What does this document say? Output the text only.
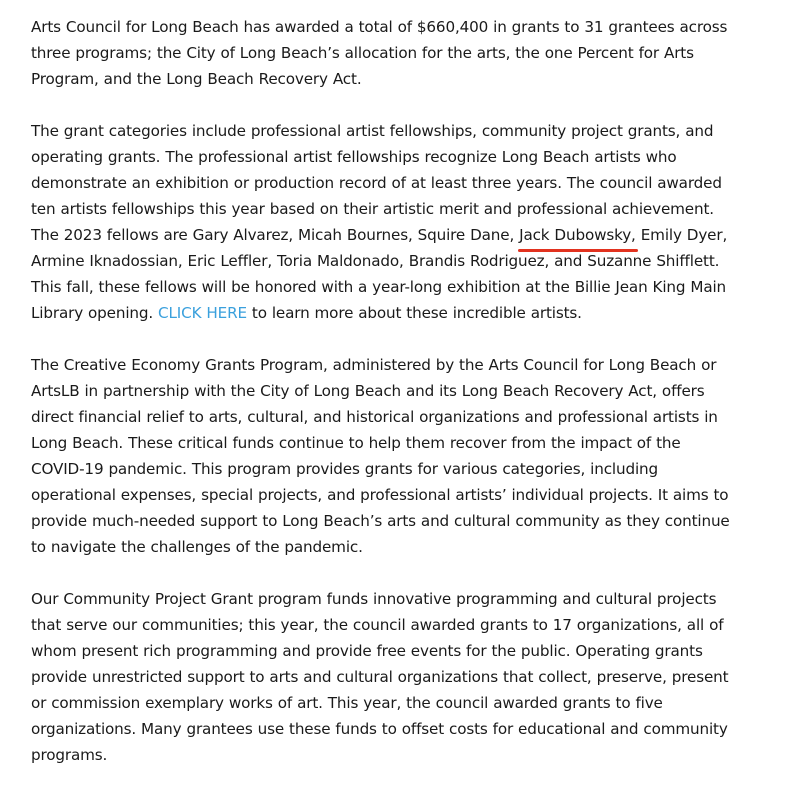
Arts Council for Long Beach has awarded a total of $660,400 in grants to 31 grantees across three programs; the City of Long Beach’s allocation for the arts, the one Percent for Arts Program, and the Long Beach Recovery Act.

The grant categories include professional artist fellowships, community project grants, and operating grants. The professional artist fellowships recognize Long Beach artists who demonstrate an exhibition or production record of at least three years. The council awarded ten artists fellowships this year based on their artistic merit and professional achievement. The 2023 fellows are Gary Alvarez, Micah Bournes, Squire Dane, Jack Dubowsky, Emily Dyer, Armine Iknadossian, Eric Leffler, Toria Maldonado, Brandis Rodriguez, and Suzanne Shifflett. This fall, these fellows will be honored with a year-long exhibition at the Billie Jean King Main Library opening. CLICK HERE to learn more about these incredible artists.

The Creative Economy Grants Program, administered by the Arts Council for Long Beach or ArtsLB in partnership with the City of Long Beach and its Long Beach Recovery Act, offers direct financial relief to arts, cultural, and historical organizations and professional artists in Long Beach. These critical funds continue to help them recover from the impact of the COVID-19 pandemic. This program provides grants for various categories, including operational expenses, special projects, and professional artists’ individual projects. It aims to provide much-needed support to Long Beach’s arts and cultural community as they continue to navigate the challenges of the pandemic.

Our Community Project Grant program funds innovative programming and cultural projects that serve our communities; this year, the council awarded grants to 17 organizations, all of whom present rich programming and provide free events for the public. Operating grants provide unrestricted support to arts and cultural organizations that collect, preserve, present or commission exemplary works of art. This year, the council awarded grants to five organizations. Many grantees use these funds to offset costs for educational and community programs.
